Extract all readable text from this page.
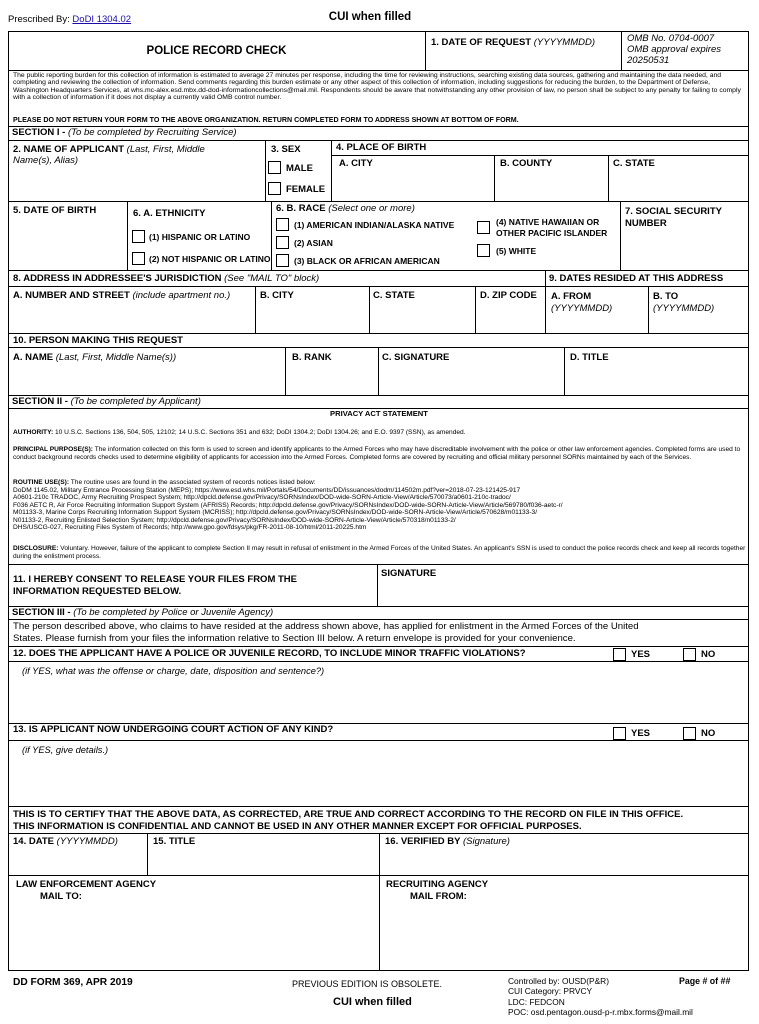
Prescribed By: DoDI 1304.02	CUI when filled
POLICE RECORD CHECK
1. DATE OF REQUEST (YYYYMMDD)	OMB No. 0704-0007
OMB approval expires
20250531
The public reporting burden for this collection of information is estimated to average 27 minutes per response, including the time for reviewing instructions, searching existing data sources, gathering and maintaining the data needed, and completing and reviewing the collection of information. Send comments regarding this burden estimate or any other aspect of this collection of information, including suggestions for reducing the burden, to the Department of Defense, Washington Headquarters Services, at whs.mc-alex.esd.mbx.dd-dod-informationcollections@mail.mil. Respondents should be aware that notwithstanding any other provision of law, no person shall be subject to any penalty for failing to comply with a collection of information if it does not display a currently valid OMB control number.
PLEASE DO NOT RETURN YOUR FORM TO THE ABOVE ORGANIZATION. RETURN COMPLETED FORM TO ADDRESS SHOWN AT BOTTOM OF FORM.
SECTION I - (To be completed by Recruiting Service)
2. NAME OF APPLICANT (Last, First, Middle
Name(s), Alias)
3. SEX
MALE
FEMALE
4. PLACE OF BIRTH
A. CITY	B. COUNTY	C. STATE
5. DATE OF BIRTH	6. A. ETHNICITY
(1) HISPANIC OR LATINO
(2) NOT HISPANIC OR LATINO
6. B. RACE (Select one or more)
(1) AMERICAN INDIAN/ALASKA NATIVE
(2) ASIAN
(3) BLACK OR AFRICAN AMERICAN
(4) NATIVE HAWAIIAN OR
OTHER PACIFIC ISLANDER
(5) WHITE
7. SOCIAL SECURITY
NUMBER
8. ADDRESS IN ADDRESSEE'S JURISDICTION (See "MAIL TO" block)	9. DATES RESIDED AT THIS ADDRESS
A. NUMBER AND STREET (include apartment no.)	B. CITY	C. STATE	D. ZIP CODE A. FROM
(YYYYMMDD)
B. TO
(YYYYMMDD)
10. PERSON MAKING THIS REQUEST
A. NAME (Last, First, Middle Name(s))	B. RANK	C. SIGNATURE	D. TITLE
SECTION II - (To be completed by Applicant)
PRIVACY ACT STATEMENT
AUTHORITY: 10 U.S.C. Sections 136, 504, 505, 12102; 14 U.S.C. Sections 351 and 632; DoDI 1304.2; DoDI 1304.26; and E.O. 9397 (SSN), as amended.
PRINCIPAL PURPOSE(S): The information collected on this form is used to screen and identify applicants to the Armed Forces who may have discreditable involvement with the police or other law enforcement agencies. Completed forms are used to conduct background records checks used to determine eligibility of applicants for accession into the Armed Forces. Completed forms are covered by recruiting and official military personnel SORNs maintained by each of the Services.
ROUTINE USE(S): The routine uses are found in the associated system of records notices listed below:
DoDM 1145.02, Military Entrance Processing Station (MEPS); https://www.esd.whs.mil/Portals/54/Documents/DD/issuances/dodm/114502m.pdf?ver=2018-07-23-121425-917
A0601-210c TRADOC, Army Recruiting Prospect System; http://dpcld.defense.gov/Privacy/SORNsIndex/DOD-wide-SORN-Article-View/Article/570073/a0601-210c-tradoc/
F036 AETC R, Air Force Recruiting Information Support System (AFRISS) Records; http://dpcld.defense.gov/Privacy/SORNsIndex/DOD-wide-SORN-Article-View/Article/569780/f036-aetc-r/
M01133-3, Marine Corps Recruiting Information Support System (MCRISS); http://dpcld.defense.gov/Privacy/SORNsIndex/DOD-wide-SORN-Article-View/Article/570628/m01133-3/
N01133-2, Recruiting Enlisted Selection System; http://dpcld.defense.gov/Privacy/SORNsIndex/DOD-wide-SORN-Article-View/Article/570318/n01133-2/
DHS/USCG-027, Recruiting Files System of Records; http://www.gpo.gov/fdsys/pkg/FR-2011-08-10/html/2011-20225.htm
DISCLOSURE: Voluntary. However, failure of the applicant to complete Section II may result in refusal of enlistment in the Armed Forces of the United States. An applicant's SSN is used to conduct the police records check and keep all records together during the enlistment process.
11. I HEREBY CONSENT TO RELEASE YOUR FILES FROM THE
INFORMATION REQUESTED BELOW.
SIGNATURE
SECTION III - (To be completed by Police or Juvenile Agency)
The person described above, who claims to have resided at the address shown above, has applied for enlistment in the Armed Forces of the United
States. Please furnish from your files the information relative to Section III below. A return envelope is provided for your convenience.
12. DOES THE APPLICANT HAVE A POLICE OR JUVENILE RECORD, TO INCLUDE MINOR TRAFFIC VIOLATIONS?	YES	NO
(if YES, what was the offense or charge, date, disposition and sentence?)
13. IS APPLICANT NOW UNDERGOING COURT ACTION OF ANY KIND?	YES	NO
(if YES, give details.)
THIS IS TO CERTIFY THAT THE ABOVE DATA, AS CORRECTED, ARE TRUE AND CORRECT ACCORDING TO THE RECORD ON FILE IN THIS OFFICE.
THIS INFORMATION IS CONFIDENTIAL AND CANNOT BE USED IN ANY OTHER MANNER EXCEPT FOR OFFICIAL PURPOSES.
14. DATE (YYYYMMDD)	15. TITLE	16. VERIFIED BY (Signature)
LAW ENFORCEMENT AGENCY
MAIL TO:
RECRUITING AGENCY
MAIL FROM:
DD FORM 369, APR 2019	PREVIOUS EDITION IS OBSOLETE.
CUI when filled
Controlled by: OUSD(P&R)
CUI Category: PRVCY
LDC: FEDCON
POC: osd.pentagon.ousd-p-r.mbx.forms@mail.mil
Page # of ##
